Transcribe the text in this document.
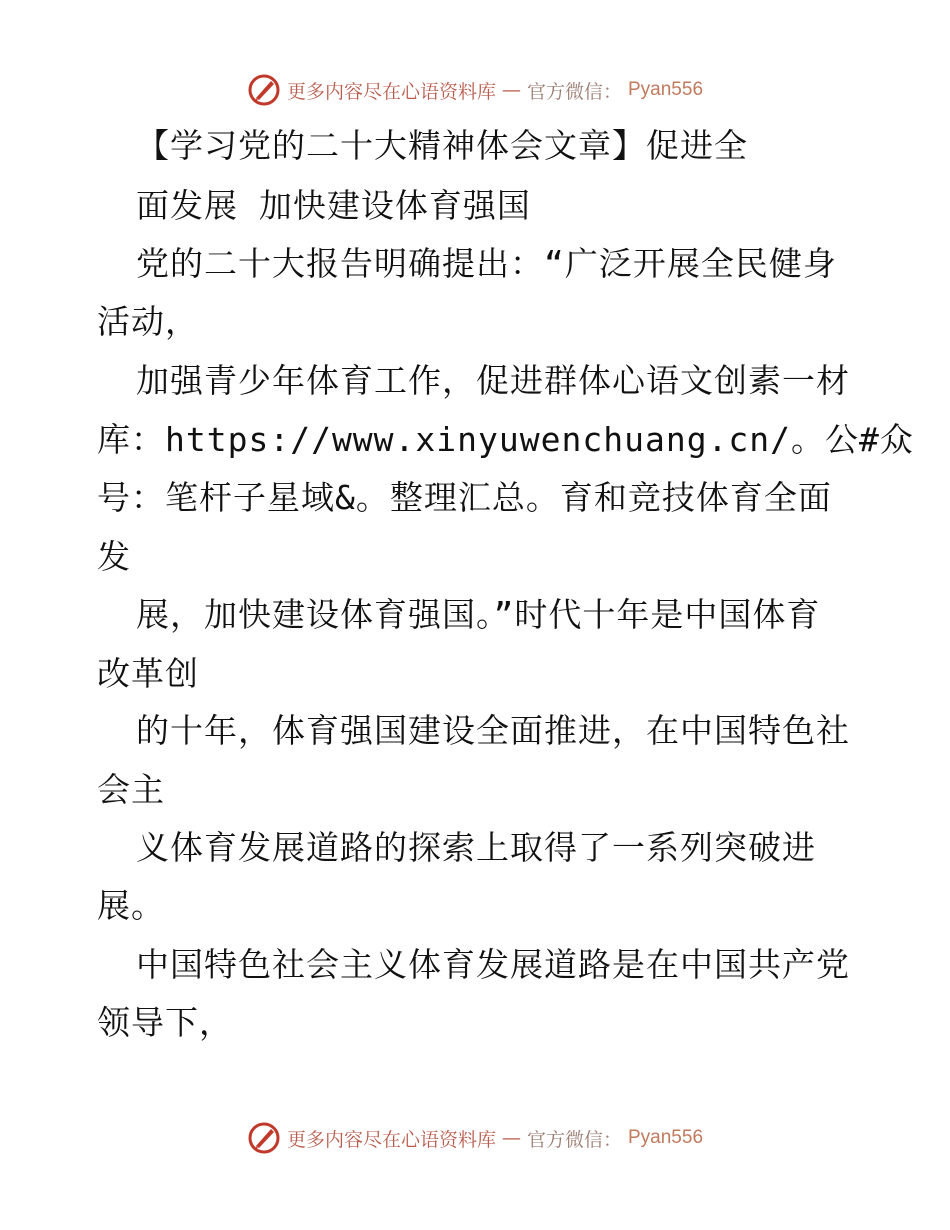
更多内容尽在心语资料库 — 官方微信： Pyan556
【学习党的二十大精神体会文章】促进全
面发展 加快建设体育强国
党的二十大报告明确提出：“广泛开展全民健身
活动，
加强青少年体育工作，促进群体心语文创素一材
库：https://www.xinyuwenchuang.cn/。公#众
号：笔杆子星域&。整理汇总。育和竞技体育全面
发
展，加快建设体育强国。”时代十年是中国体育
改革创
的十年，体育强国建设全面推进，在中国特色社
会主
义体育发展道路的探索上取得了一系列突破进
展。
中国特色社会主义体育发展道路是在中国共产党
领导下，
更多内容尽在心语资料库 — 官方微信： Pyan556
